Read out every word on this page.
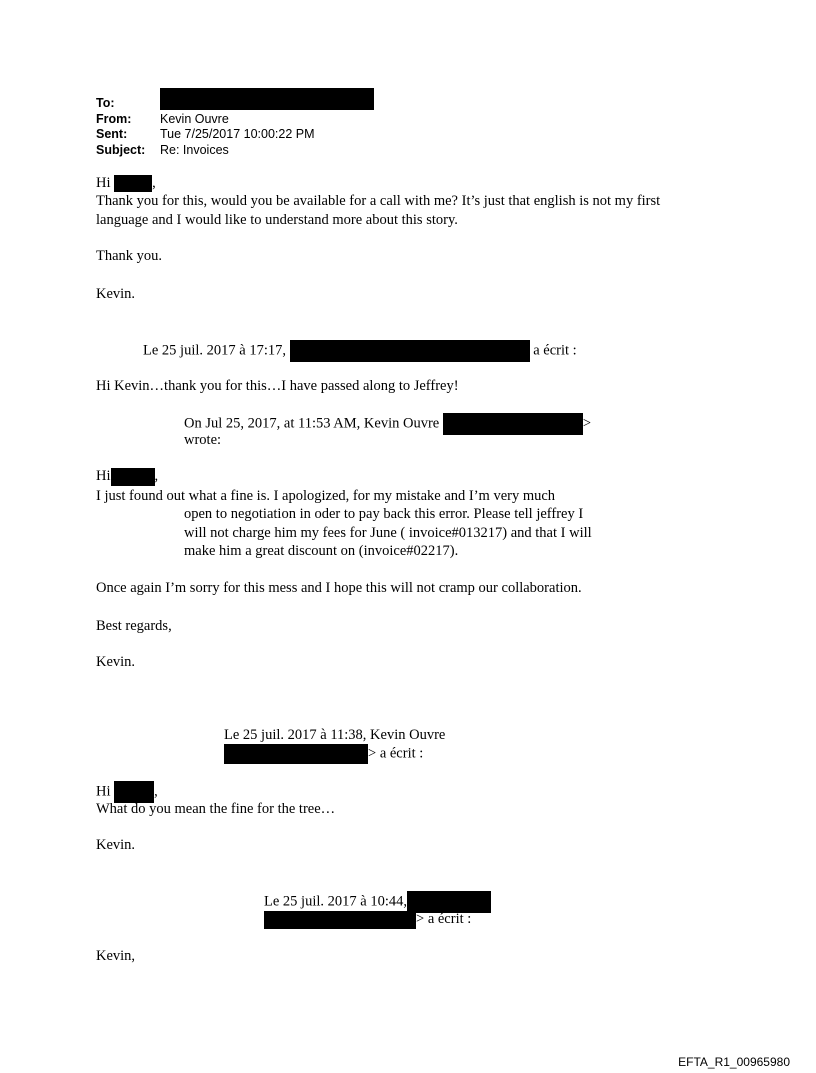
To:
From:	Kevin Ouvre
Sent:	Tue 7/25/2017 10:00:22 PM
Subject:	Re: Invoices
Hi	,
Thank you for this, would you be available for a call with me? It’s just that english is not my first
language and I would like to understand more about this story.
Thank you.
Kevin.
Le 25 juil. 2017 à 17:17,	a écrit :
Hi Kevin…thank you for this…I have passed along to Jeffrey!
On Jul 25, 2017, at 11:53 AM, Kevin Ouvre	>
wrote:
Hi	,
I just found out what a fine is. I apologized, for my mistake and I’m very much
open to negotiation in oder to pay back this error. Please tell jeffrey I
will not charge him my fees for June ( invoice#013217) and that I will
make him a great discount on (invoice#02217).
Once again I’m sorry for this mess and I hope this will not cramp our collaboration.
Best regards,
Kevin.
Le 25 juil. 2017 à 11:38, Kevin Ouvre
> a écrit :
Hi	,
What do you mean the fine for the tree…
Kevin.
Le 25 juil. 2017 à 10:44,
> a écrit :
Kevin,
EFTA_R1_00965980
